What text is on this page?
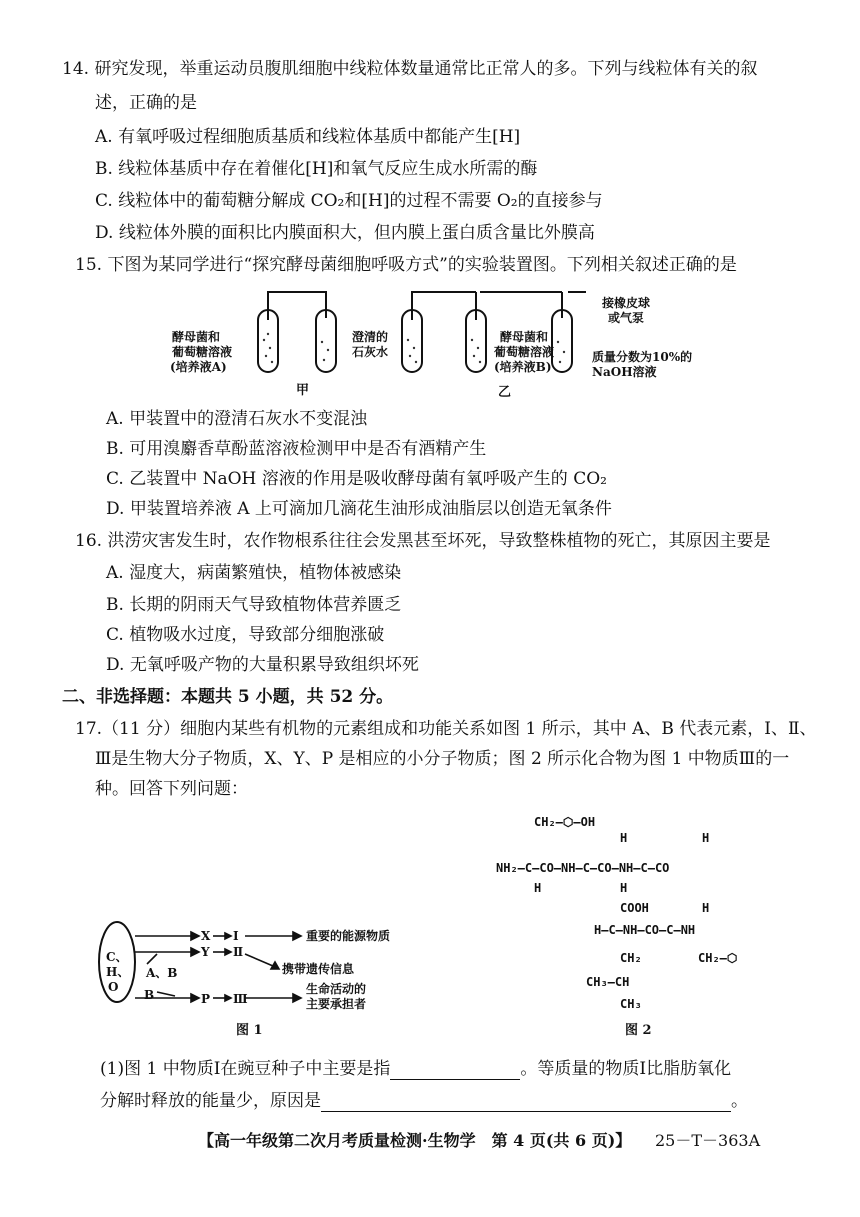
14. 研究发现，举重运动员腹肌细胞中线粒体数量通常比正常人的多。下列与线粒体有关的叙
述，正确的是
A. 有氧呼吸过程细胞质基质和线粒体基质中都能产生[H]
B. 线粒体基质中存在着催化[H]和氧气反应生成水所需的酶
C. 线粒体中的葡萄糖分解成 CO₂和[H]的过程不需要 O₂的直接参与
D. 线粒体外膜的面积比内膜面积大，但内膜上蛋白质含量比外膜高
15. 下图为某同学进行“探究酵母菌细胞呼吸方式”的实验装置图。下列相关叙述正确的是
酵母菌和
葡萄糖溶液
(培养液A)
澄清的
石灰水
甲
酵母菌和
葡萄糖溶液
(培养液B)
接橡皮球
或气泵
质量分数为10%的
NaOH溶液
乙
A. 甲装置中的澄清石灰水不变混浊
B. 可用溴麝香草酚蓝溶液检测甲中是否有酒精产生
C. 乙装置中 NaOH 溶液的作用是吸收酵母菌有氧呼吸产生的 CO₂
D. 甲装置培养液 A 上可滴加几滴花生油形成油脂层以创造无氧条件
16. 洪涝灾害发生时，农作物根系往往会发黑甚至坏死，导致整株植物的死亡，其原因主要是
A. 湿度大，病菌繁殖快，植物体被感染
B. 长期的阴雨天气导致植物体营养匮乏
C. 植物吸水过度，导致部分细胞涨破
D. 无氧呼吸产物的大量积累导致组织坏死
二、非选择题：本题共 5 小题，共 52 分。
17.（11 分）细胞内某些有机物的元素组成和功能关系如图 1 所示，其中 A、B 代表元素，Ⅰ、Ⅱ、
Ⅲ是生物大分子物质，X、Y、P 是相应的小分子物质；图 2 所示化合物为图 1 中物质Ⅲ的一
种。回答下列问题：
C、
H、
O
X Ⅰ
Y Ⅱ
A、B
B	P Ⅲ
重要的能源物质
携带遗传信息
生命活动的
主要承担者
图 1
CH₂—⬡—OH
H	H
NH₂—C—CO—NH—C—CO—NH—C—CO
H	H
COOH	H
H—C—NH—CO—C—NH
CH₂	CH₂—⬡
CH₃—CH
CH₃
图 2
(1)图 1 中物质Ⅰ在豌豆种子中主要是指	。等质量的物质Ⅰ比脂肪氧化
分解时释放的能量少，原因是	。
【高一年级第二次月考质量检测·生物学　第 4 页(共 6 页)】 25－T－363A
